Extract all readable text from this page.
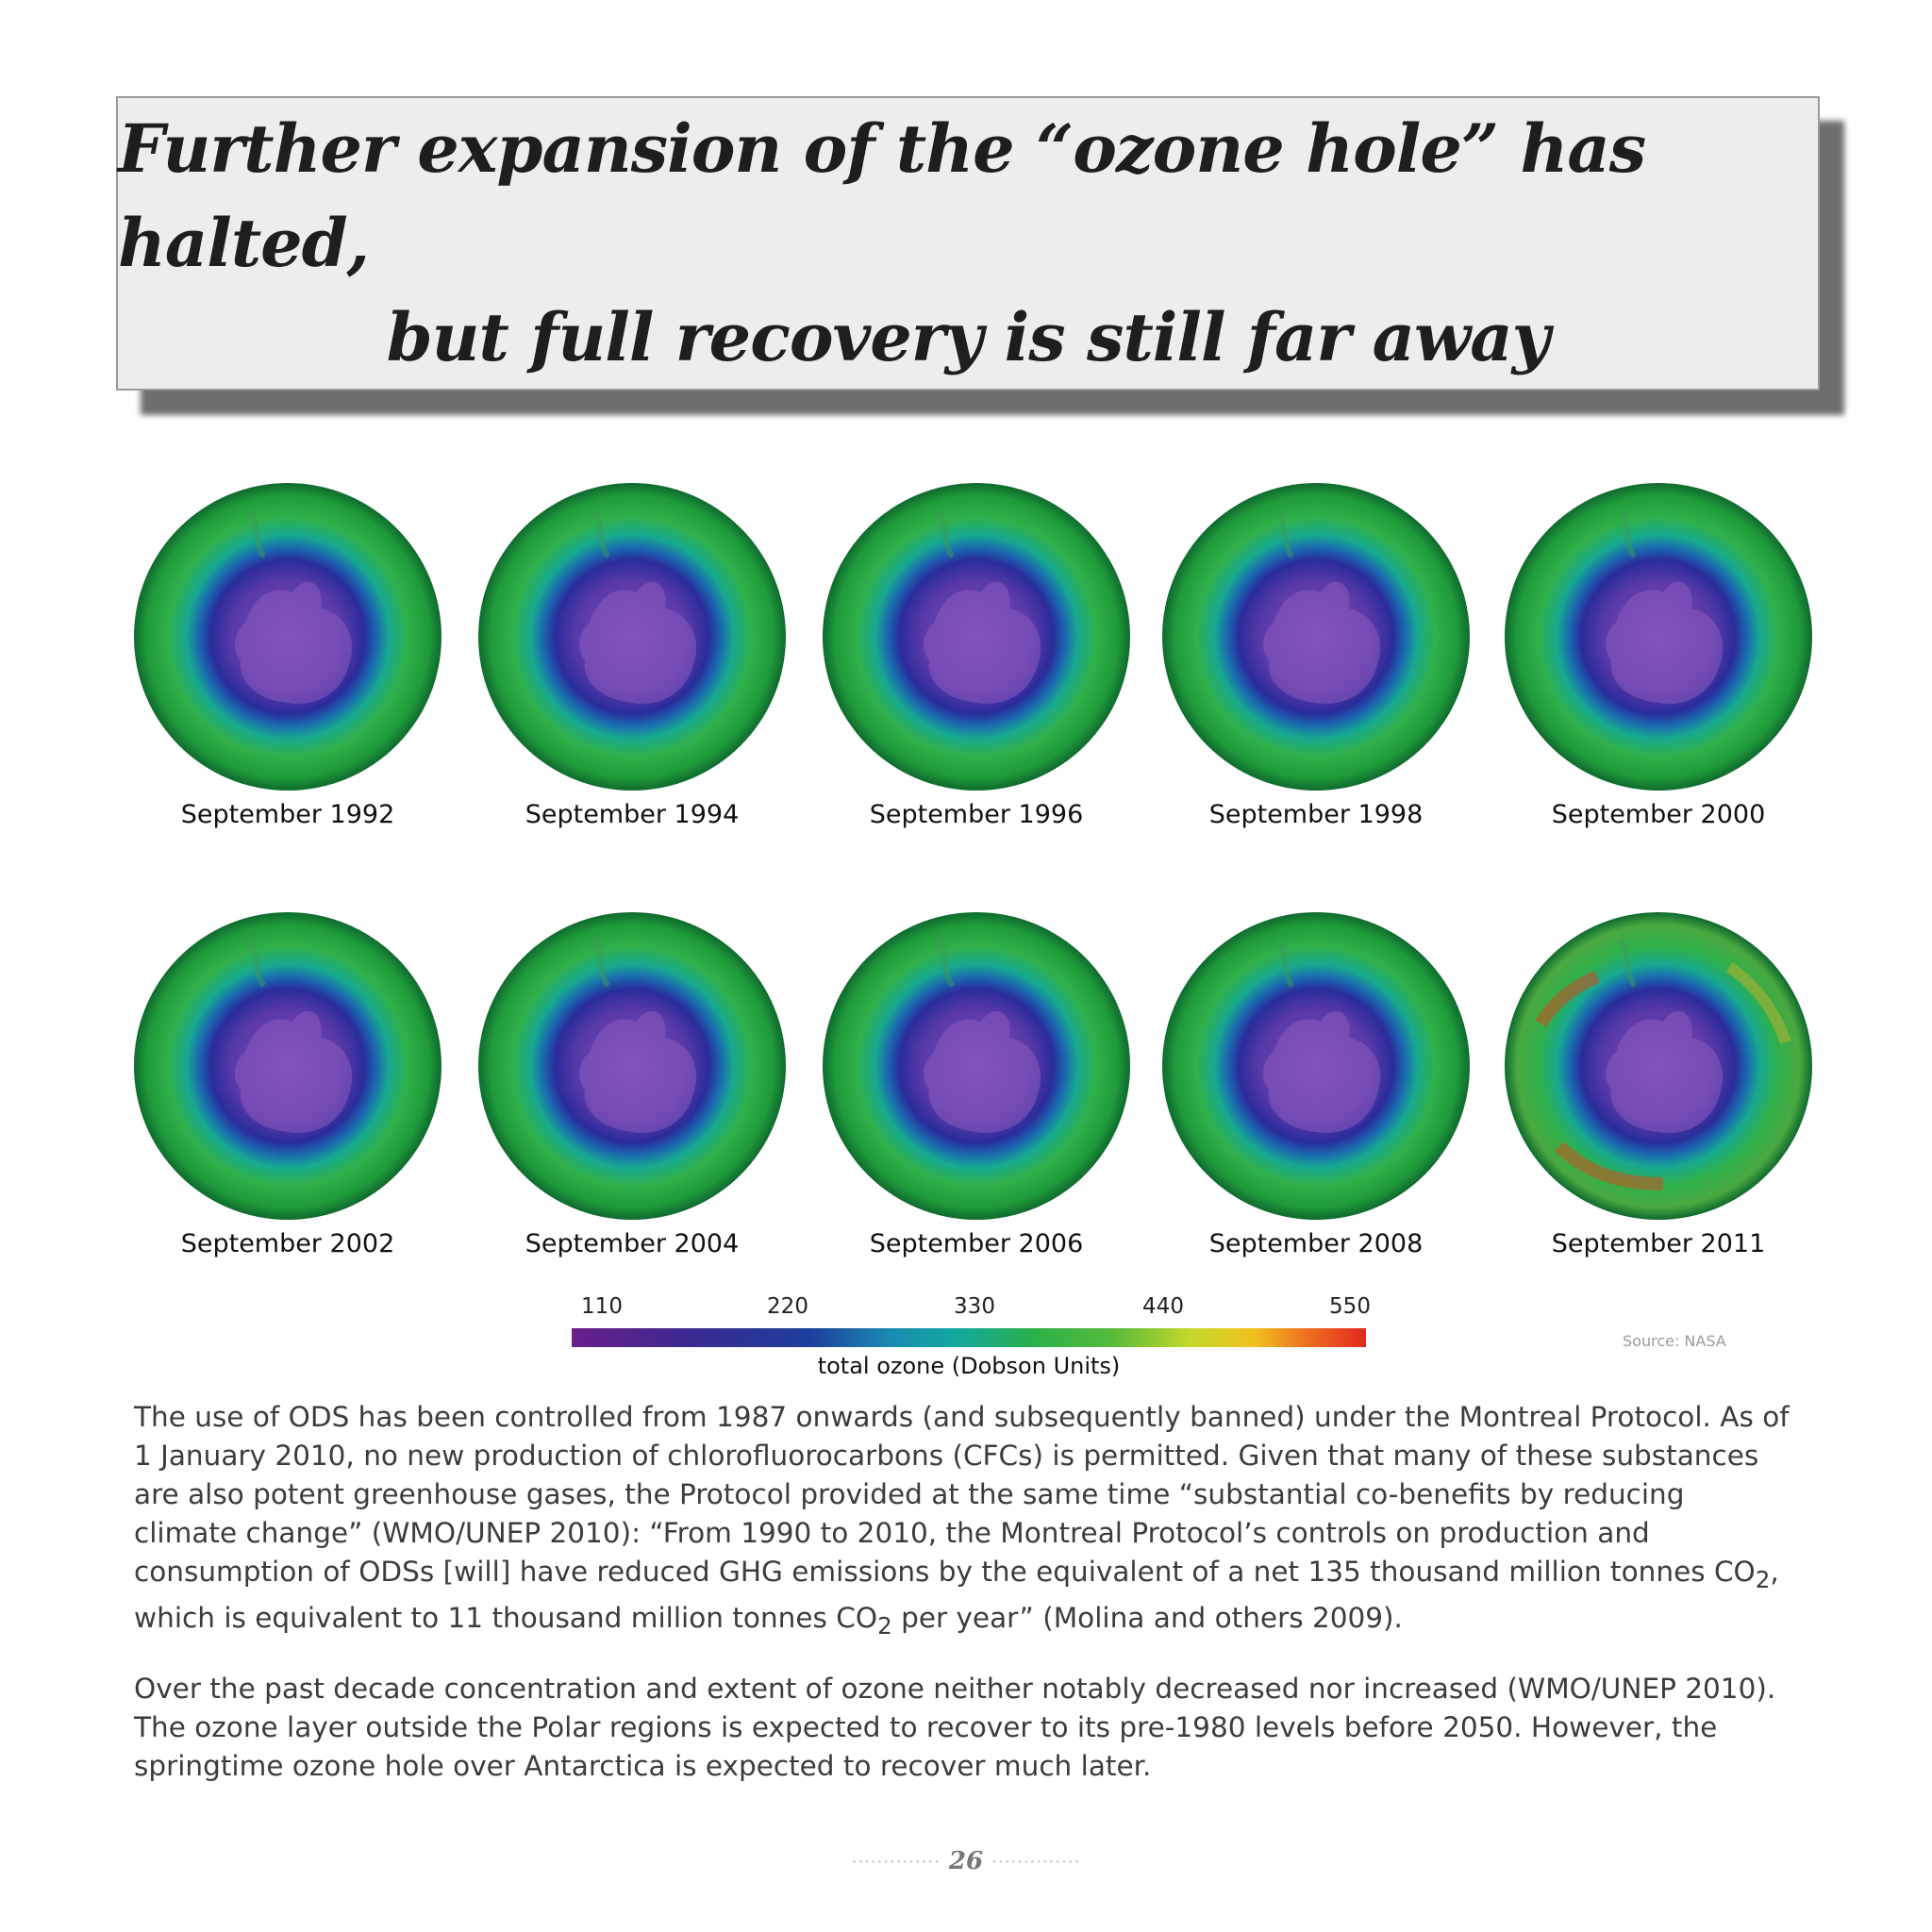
Further expansion of the “ozone hole” has halted,
but full recovery is still far away
September 1992	September 1994	September 1996	September 1998	September 2000
September 2002	September 2004	September 2006	September 2008	September 2011
110	220	330	440	550
total ozone (Dobson Units)
Source: NASA

The use of ODS has been controlled from 1987 onwards (and subsequently banned) under the Montreal Protocol. As of 1 January 2010, no new production of chlorofluorocarbons (CFCs) is permitted. Given that many of these substances are also potent greenhouse gases, the Protocol provided at the same time “substantial co-benefits by reducing climate change” (WMO/UNEP 2010): “From 1990 to 2010, the Montreal Protocol’s controls on production and consumption of ODSs [will] have reduced GHG emissions by the equivalent of a net 135 thousand million tonnes $CO_2$, which is equivalent to 11 thousand million tonnes $CO_2$ per year” (Molina and others 2009).

Over the past decade concentration and extent of ozone neither notably decreased nor increased (WMO/UNEP 2010). The ozone layer outside the Polar regions is expected to recover to its pre-1980 levels before 2050. However, the springtime ozone hole over Antarctica is expected to recover much later.

·············· 26 ··············
